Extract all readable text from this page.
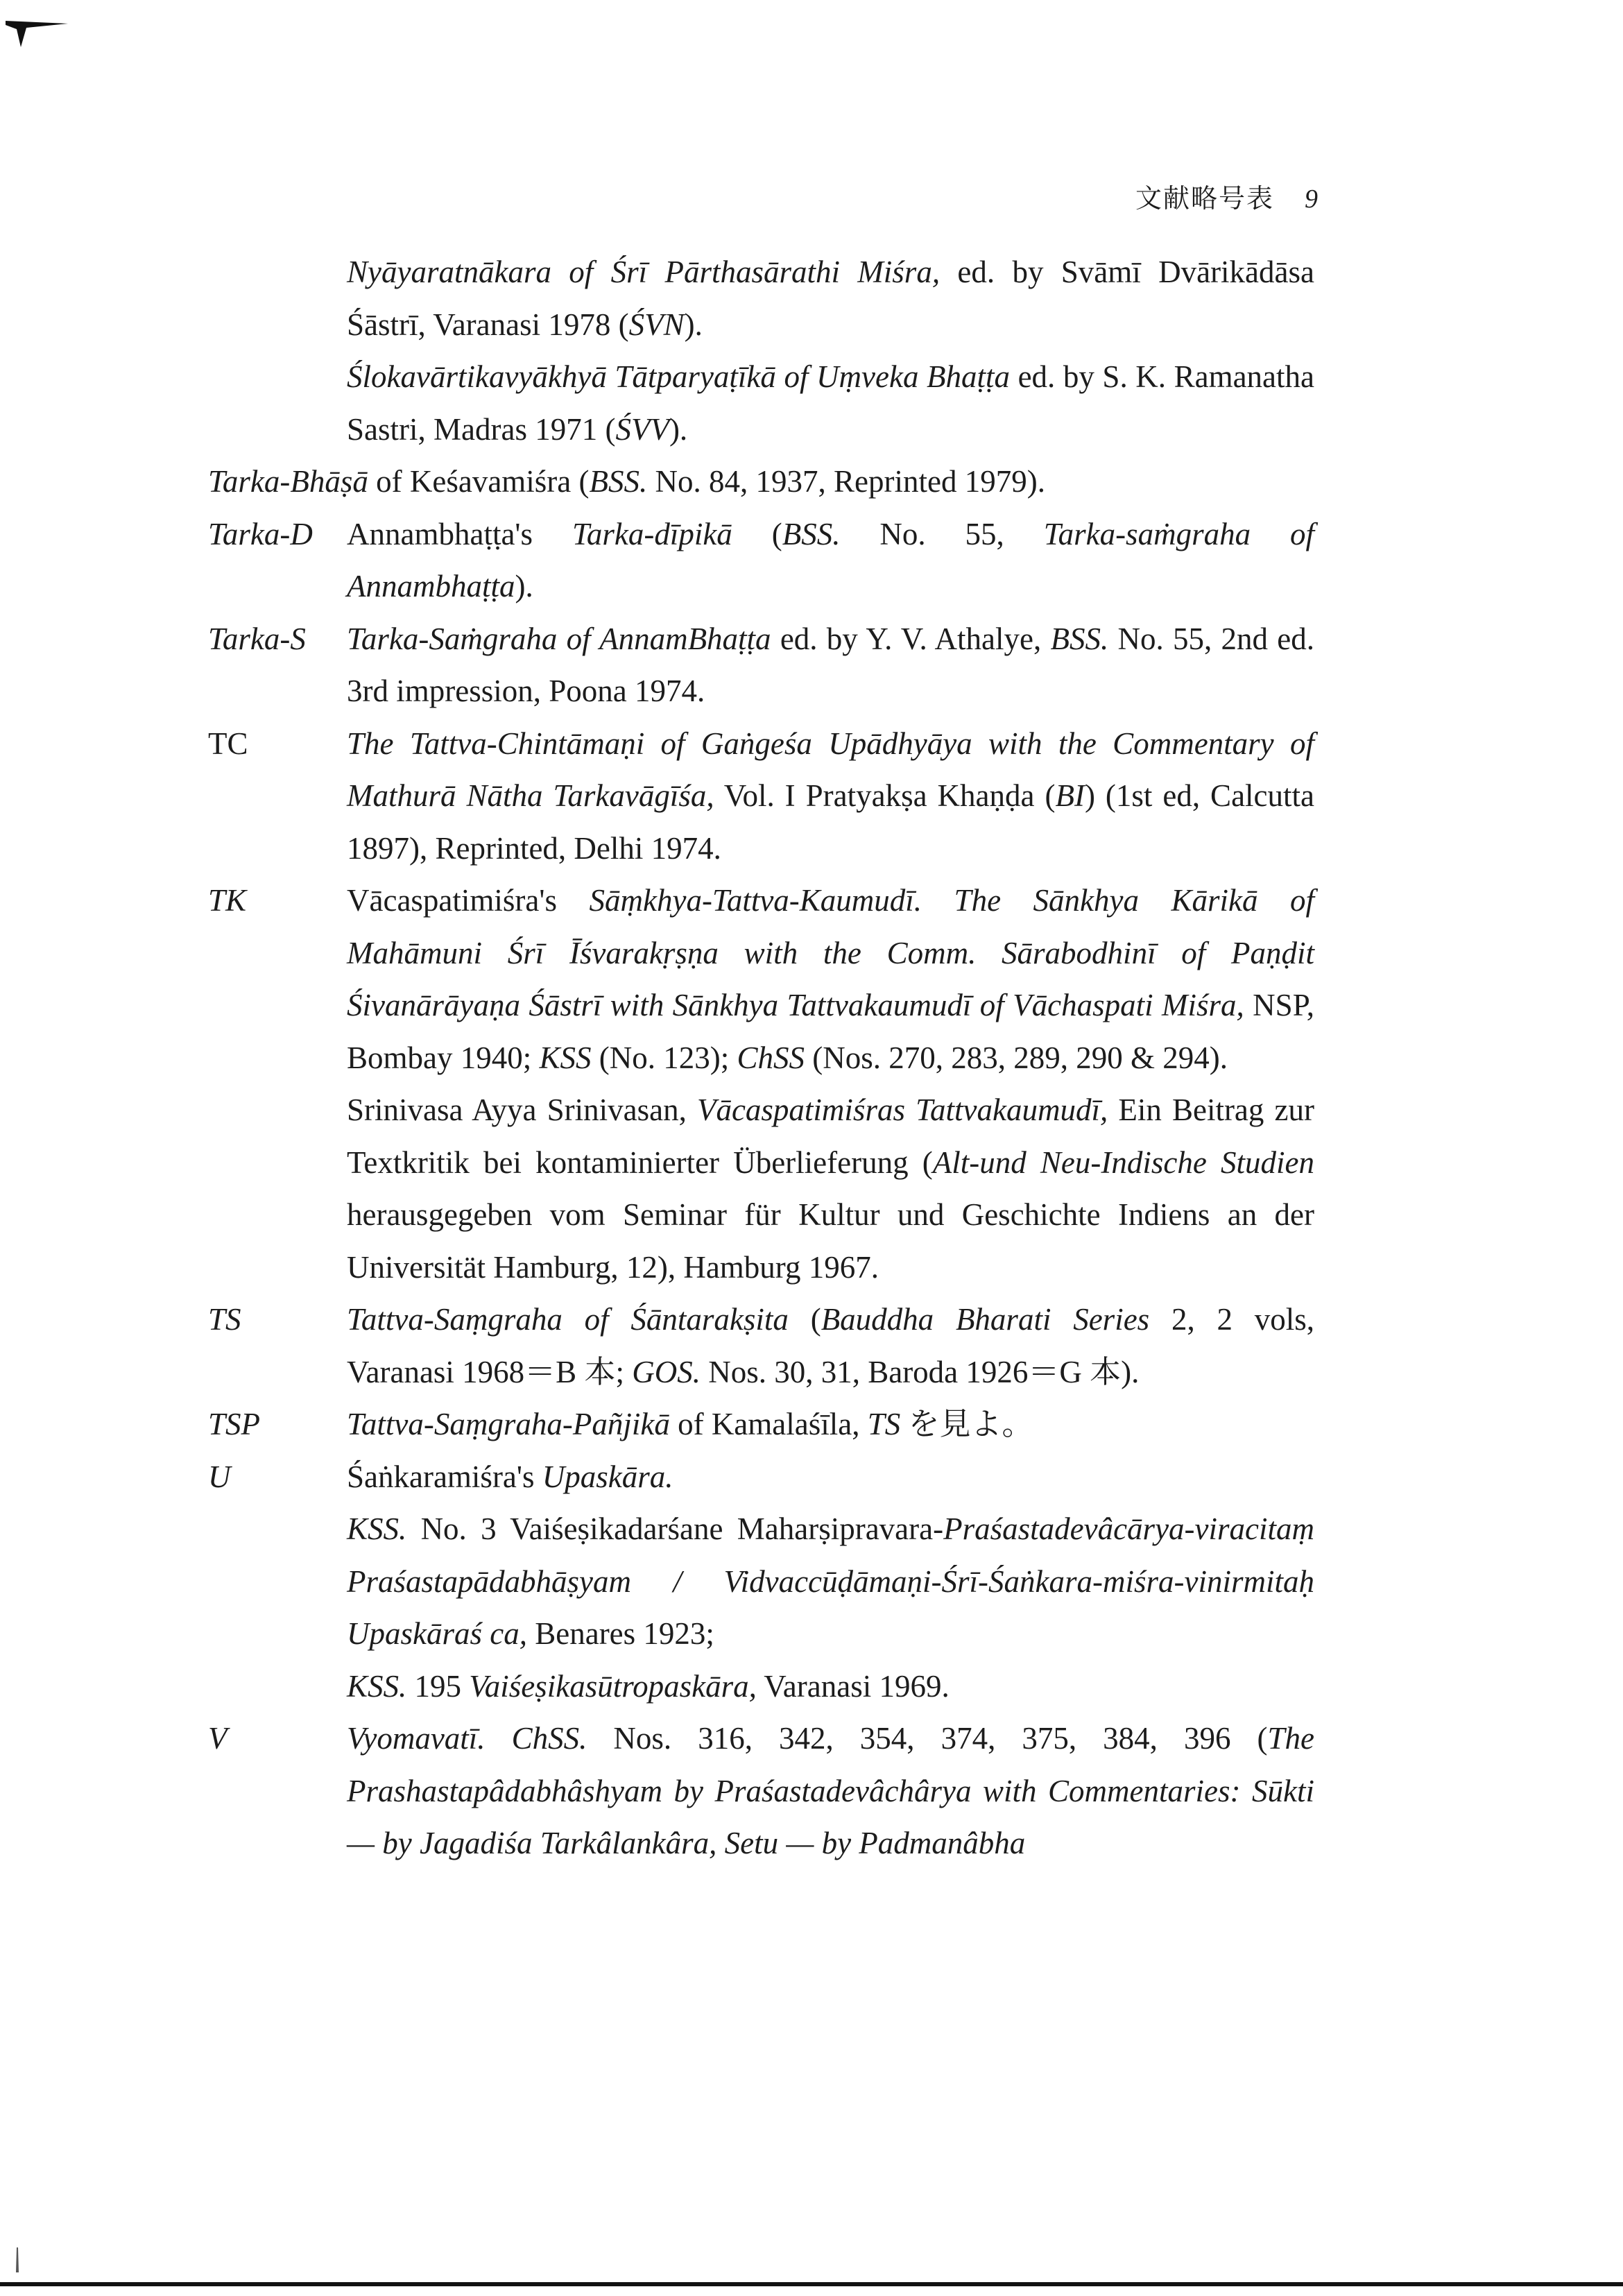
文献略号表 9
Nyāyaratnākara of Śrī Pārthasārathi Miśra, ed. by Svāmī Dvārikādāsa Śāstrī, Varanasi 1978 (ŚVN).
Ślokavārtikavyākhyā Tātparyaṭīkā of Uṃveka Bhaṭṭa ed. by S. K. Ramanatha Sastri, Madras 1971 (ŚVV).
Tarka-Bhāṣā of Keśavamiśra (BSS. No. 84, 1937, Reprinted 1979).
Tarka-D	Annambhaṭṭa's Tarka-dīpikā (BSS. No. 55, Tarka-saṁgraha of Annambhaṭṭa).
Tarka-S	Tarka-Saṁgraha of AnnamBhaṭṭa ed. by Y. V. Athalye, BSS. No. 55, 2nd ed. 3rd impression, Poona 1974.
TC	The Tattva-Chintāmaṇi of Gaṅgeśa Upādhyāya with the Commentary of Mathurā Nātha Tarkavāgīśa, Vol. I Pratyakṣa Khaṇḍa (BI) (1st ed, Calcutta 1897), Reprinted, Delhi 1974.
TK	Vācaspatimiśra's Sāṃkhya-Tattva-Kaumudī. The Sānkhya Kārikā of Mahāmuni Śrī Īśvarakṛṣṇa with the Comm. Sārabodhinī of Paṇḍit Śivanārāyaṇa Śāstrī with Sānkhya Tattvakaumudī of Vāchaspati Miśra, NSP, Bombay 1940; KSS (No. 123); ChSS (Nos. 270, 283, 289, 290 & 294).
Srinivasa Ayya Srinivasan, Vācaspatimiśras Tattvakaumudī, Ein Beitrag zur Textkritik bei kontaminierter Überlieferung (Alt-und Neu-Indische Studien herausgegeben vom Seminar für Kultur und Geschichte Indiens an der Universität Hamburg, 12), Hamburg 1967.
TS	Tattva-Saṃgraha of Śāntarakṣita (Bauddha Bharati Series 2, 2 vols, Varanasi 1968＝B 本; GOS. Nos. 30, 31, Baroda 1926＝G 本).
TSP	Tattva-Saṃgraha-Pañjikā of Kamalaśīla, TS を見よ。
U	Śaṅkaramiśra's Upaskāra.
KSS. No. 3 Vaiśeṣikadarśane Maharṣipravara-Praśastadevâcārya-viracitaṃ Praśastapādabhāṣyam / Vidvaccūḍāmaṇi-Śrī-Śaṅkara-miśra-vinirmitaḥ Upaskāraś ca, Benares 1923;
KSS. 195 Vaiśeṣikasūtropaskāra, Varanasi 1969.
V	Vyomavatī. ChSS. Nos. 316, 342, 354, 374, 375, 384, 396 (The Prashastapâdabhâshyam by Praśastadevâchârya with Commentaries: Sūkti — by Jagadiśa Tarkâlankâra, Setu — by Padmanâbha
